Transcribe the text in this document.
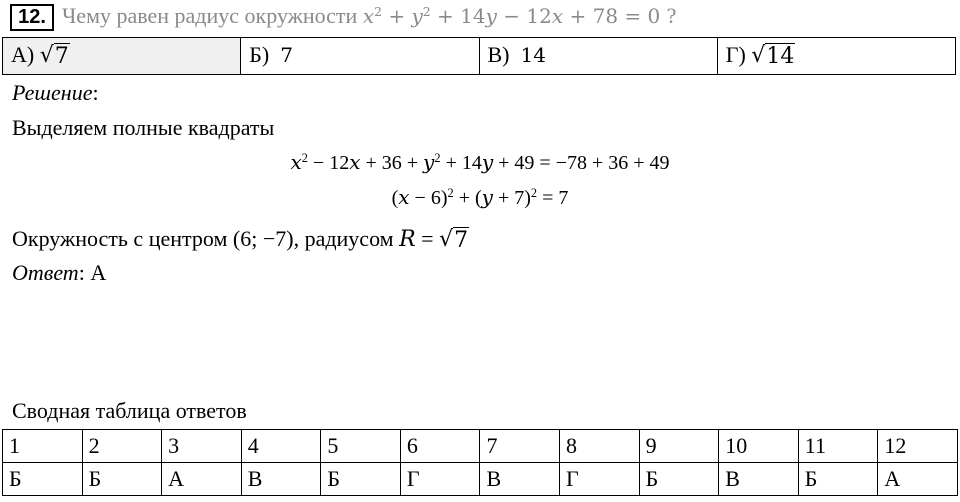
12. Чему равен радиус окружности $x^2 + y^2 + 14y - 12x + 78 = 0$ ?
А) √ 7	Б) 7	В) 14	Г) √ 14
Решение:
Выделяем полные квадраты
$x^2 - 12x + 36 + y^2 + 14y + 49 = -78 + 36 + 49$
$(x - 6)^2 + (y + 7)^2 = 7$
Окружность с центром (6; −7), радиусом R = √ 7
Ответ: А
Сводная таблица ответов
1	2	3	4	5	6	7	8	9	10	11	12
Б	Б	А	В	Б	Г	В	Г	Б	В	Б	А
